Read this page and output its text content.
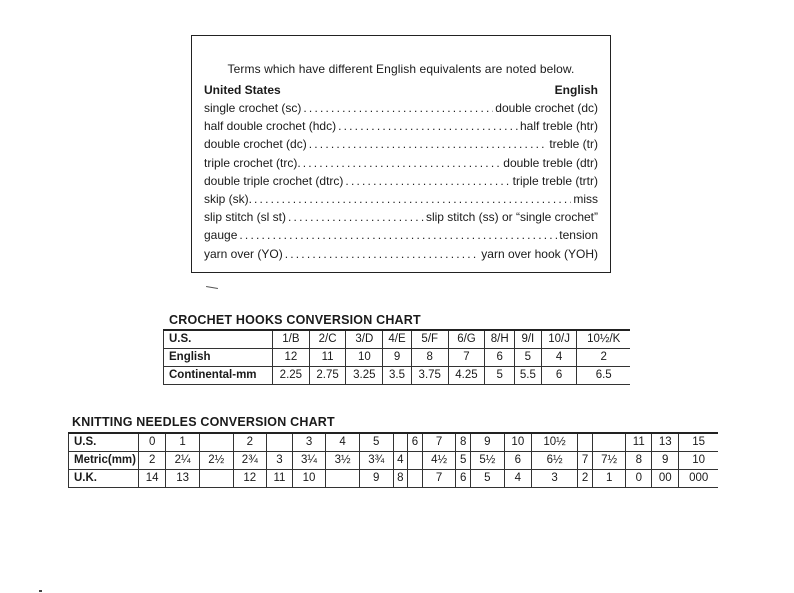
Terms which have different English equivalents are noted below.
United States	English
single crochet (sc) .....	double crochet (dc)
half double crochet (hdc) .....	half treble (htr)
double crochet (dc) .....	treble (tr)
triple crochet (trc). .....	double treble (dtr)
double triple crochet (dtrc) .....	triple treble (trtr)
skip (sk). .....	miss
slip stitch (sl st) .....	slip stitch (ss) or “single crochet”
gauge .....	tension
yarn over (YO) .....	yarn over hook (YOH)
CROCHET HOOKS CONVERSION CHART
U.S.	1/B	2/C	3/D	4/E	5/F	6/G	8/H	9/I	10/J	10½/K
English	12	11	10	9	8	7	6	5	4	2
Continental-mm	2.25	2.75	3.25	3.5	3.75	4.25	5	5.5	6	6.5
KNITTING NEEDLES CONVERSION CHART
U.S.	0	1		2		3	4	5		6	7	8	9	10	10½			11	13	15
Metric(mm)	2	2¼	2½	2¾	3	3¼	3½	3¾	4		4½	5	5½	6	6½	7	7½	8	9	10
U.K.	14	13		12	11	10		9	8		7	6	5	4	3	2	1	0	00	000
